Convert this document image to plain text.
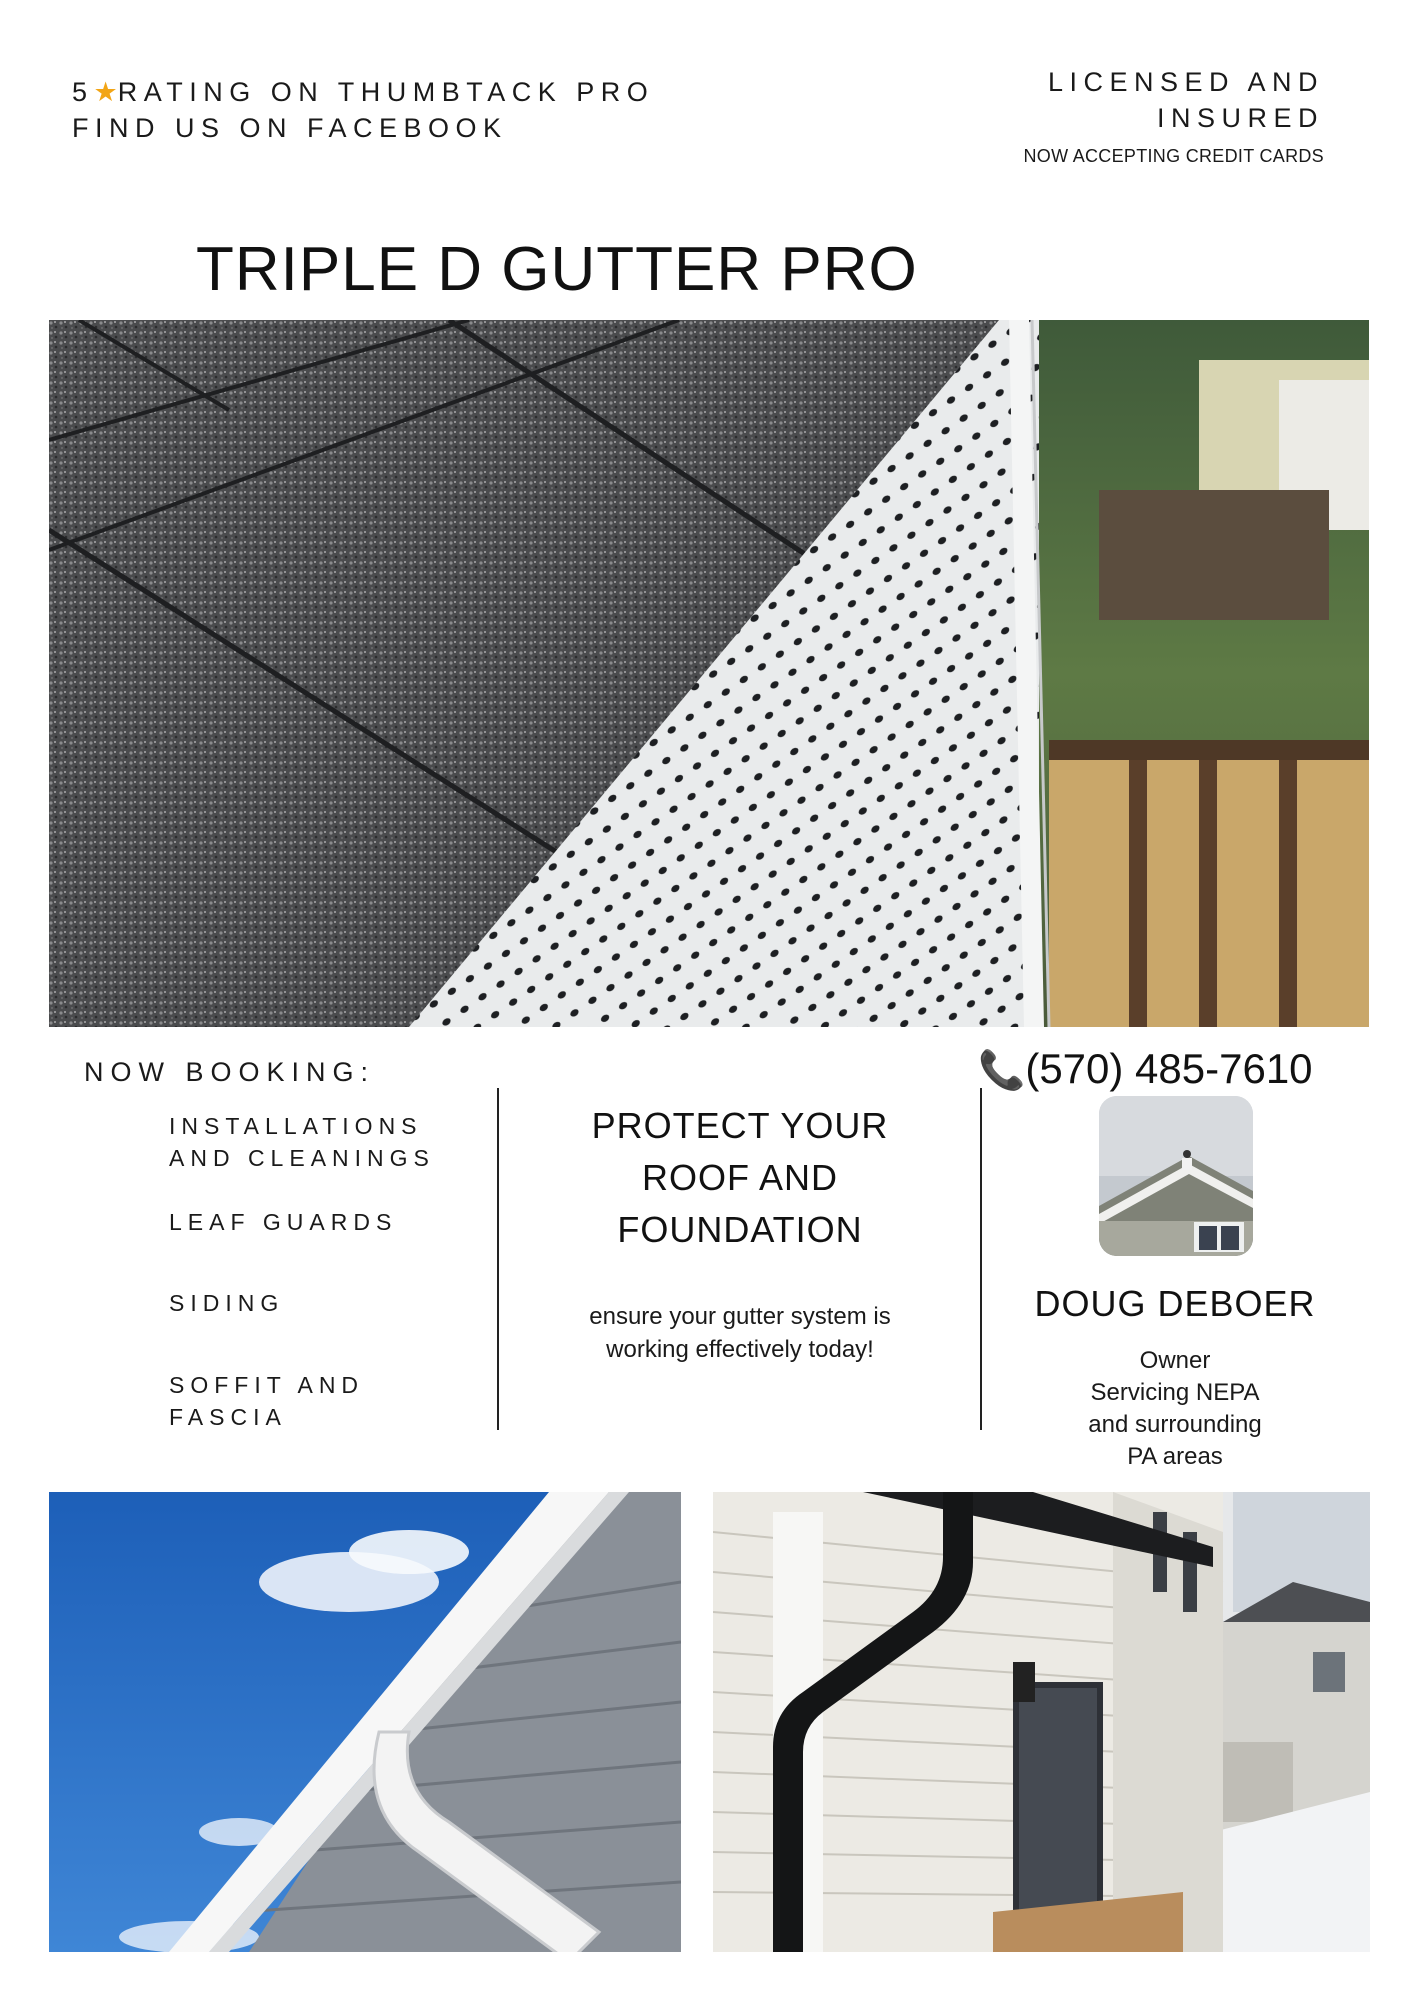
5★RATING ON THUMBTACK PRO
FIND US ON FACEBOOK
LICENSED AND
INSURED
NOW ACCEPTING CREDIT CARDS
TRIPLE D GUTTER PRO
NOW BOOKING:
INSTALLATIONS
AND CLEANINGS
LEAF GUARDS
SIDING
SOFFIT AND
FASCIA
PROTECT YOUR
ROOF AND
FOUNDATION
ensure your gutter system is
working effectively today!
📞(570) 485-7610
DOUG DEBOER
Owner
Servicing NEPA
and surrounding
PA areas
